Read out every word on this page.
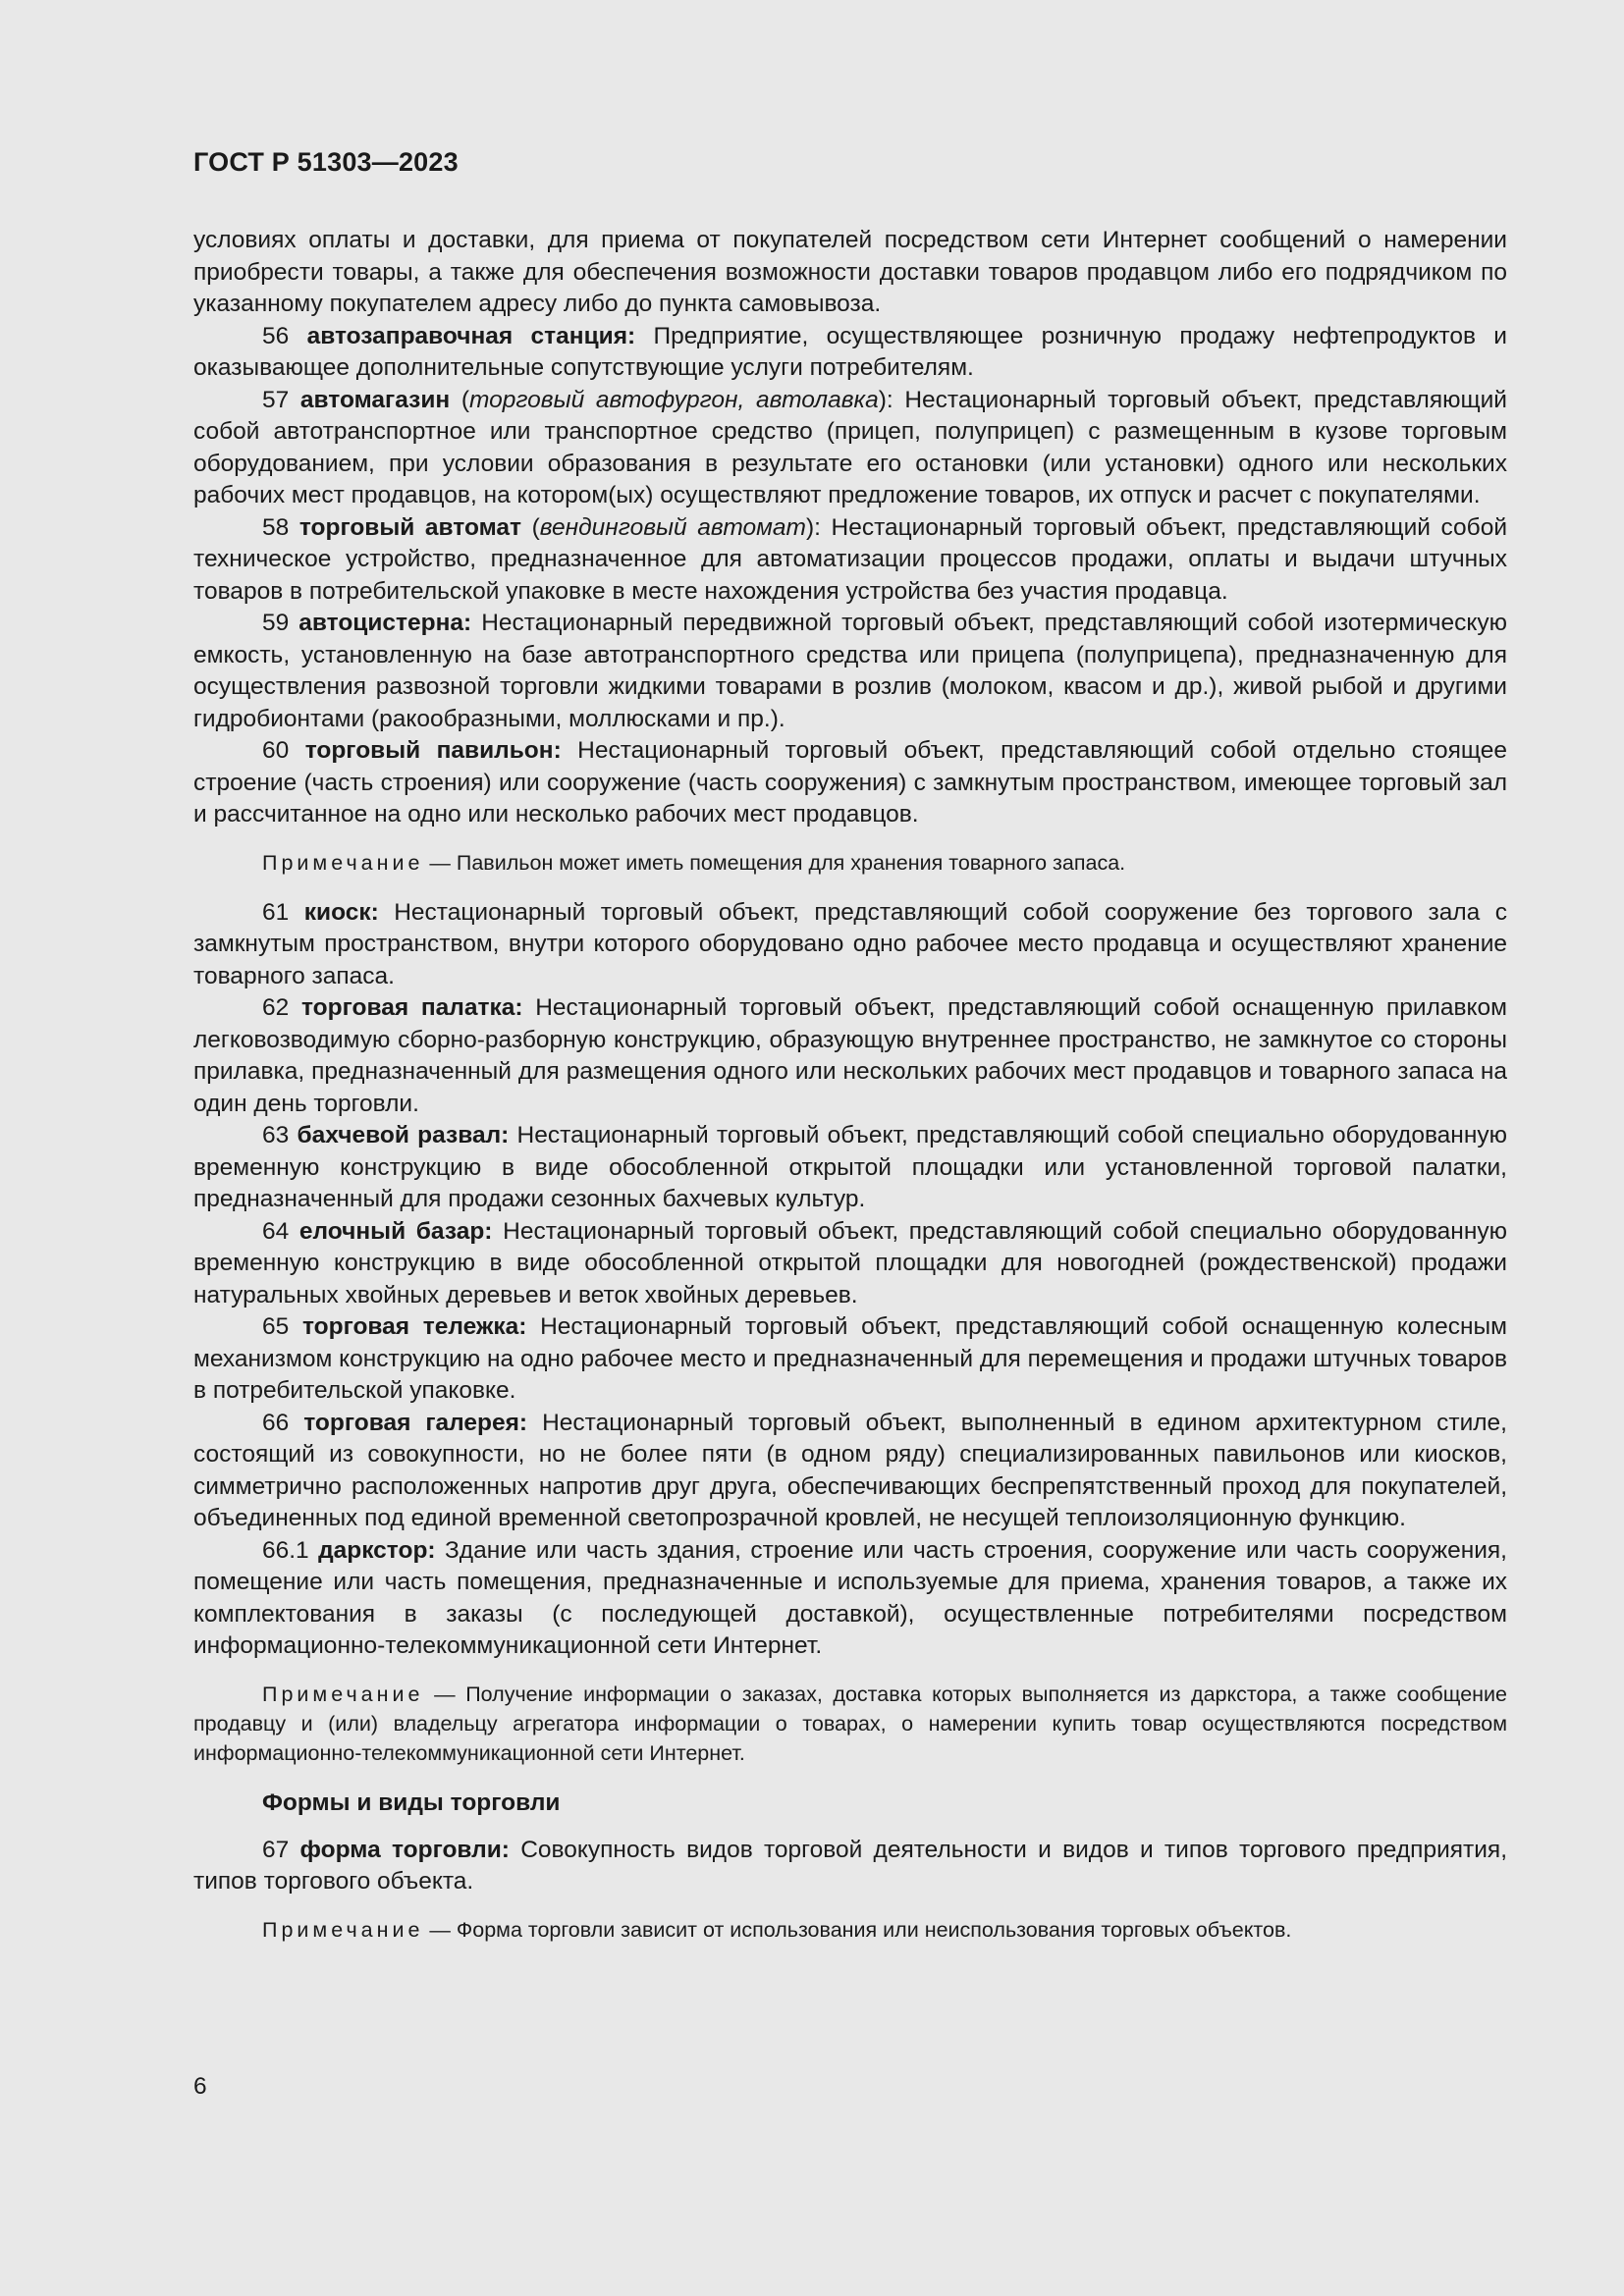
ГОСТ Р 51303—2023

условиях оплаты и доставки, для приема от покупателей посредством сети Интернет сообщений о намерении приобрести товары, а также для обеспечения возможности доставки товаров продавцом либо его подрядчиком по указанному покупателем адресу либо до пункта самовывоза.

56 автозаправочная станция: Предприятие, осуществляющее розничную продажу нефтепродуктов и оказывающее дополнительные сопутствующие услуги потребителям.

57 автомагазин (торговый автофургон, автолавка): Нестационарный торговый объект, представляющий собой автотранспортное или транспортное средство (прицеп, полуприцеп) с размещенным в кузове торговым оборудованием, при условии образования в результате его остановки (или установки) одного или нескольких рабочих мест продавцов, на котором(ых) осуществляют предложение товаров, их отпуск и расчет с покупателями.

58 торговый автомат (вендинговый автомат): Нестационарный торговый объект, представляющий собой техническое устройство, предназначенное для автоматизации процессов продажи, оплаты и выдачи штучных товаров в потребительской упаковке в месте нахождения устройства без участия продавца.

59 автоцистерна: Нестационарный передвижной торговый объект, представляющий собой изотермическую емкость, установленную на базе автотранспортного средства или прицепа (полуприцепа), предназначенную для осуществления развозной торговли жидкими товарами в розлив (молоком, квасом и др.), живой рыбой и другими гидробионтами (ракообразными, моллюсками и пр.).

60 торговый павильон: Нестационарный торговый объект, представляющий собой отдельно стоящее строение (часть строения) или сооружение (часть сооружения) с замкнутым пространством, имеющее торговый зал и рассчитанное на одно или несколько рабочих мест продавцов.

Примечание — Павильон может иметь помещения для хранения товарного запаса.

61 киоск: Нестационарный торговый объект, представляющий собой сооружение без торгового зала с замкнутым пространством, внутри которого оборудовано одно рабочее место продавца и осуществляют хранение товарного запаса.

62 торговая палатка: Нестационарный торговый объект, представляющий собой оснащенную прилавком легковозводимую сборно-разборную конструкцию, образующую внутреннее пространство, не замкнутое со стороны прилавка, предназначенный для размещения одного или нескольких рабочих мест продавцов и товарного запаса на один день торговли.

63 бахчевой развал: Нестационарный торговый объект, представляющий собой специально оборудованную временную конструкцию в виде обособленной открытой площадки или установленной торговой палатки, предназначенный для продажи сезонных бахчевых культур.

64 елочный базар: Нестационарный торговый объект, представляющий собой специально оборудованную временную конструкцию в виде обособленной открытой площадки для новогодней (рождественской) продажи натуральных хвойных деревьев и веток хвойных деревьев.

65 торговая тележка: Нестационарный торговый объект, представляющий собой оснащенную колесным механизмом конструкцию на одно рабочее место и предназначенный для перемещения и продажи штучных товаров в потребительской упаковке.

66 торговая галерея: Нестационарный торговый объект, выполненный в едином архитектурном стиле, состоящий из совокупности, но не более пяти (в одном ряду) специализированных павильонов или киосков, симметрично расположенных напротив друг друга, обеспечивающих беспрепятственный проход для покупателей, объединенных под единой временной светопрозрачной кровлей, не несущей теплоизоляционную функцию.

66.1 даркстор: Здание или часть здания, строение или часть строения, сооружение или часть сооружения, помещение или часть помещения, предназначенные и используемые для приема, хранения товаров, а также их комплектования в заказы (с последующей доставкой), осуществленные потребителями посредством информационно-телекоммуникационной сети Интернет.

Примечание — Получение информации о заказах, доставка которых выполняется из даркстора, а также сообщение продавцу и (или) владельцу агрегатора информации о товарах, о намерении купить товар осуществляются посредством информационно-телекоммуникационной сети Интернет.

Формы и виды торговли

67 форма торговли: Совокупность видов торговой деятельности и видов и типов торгового предприятия, типов торгового объекта.

Примечание — Форма торговли зависит от использования или неиспользования торговых объектов.

6
